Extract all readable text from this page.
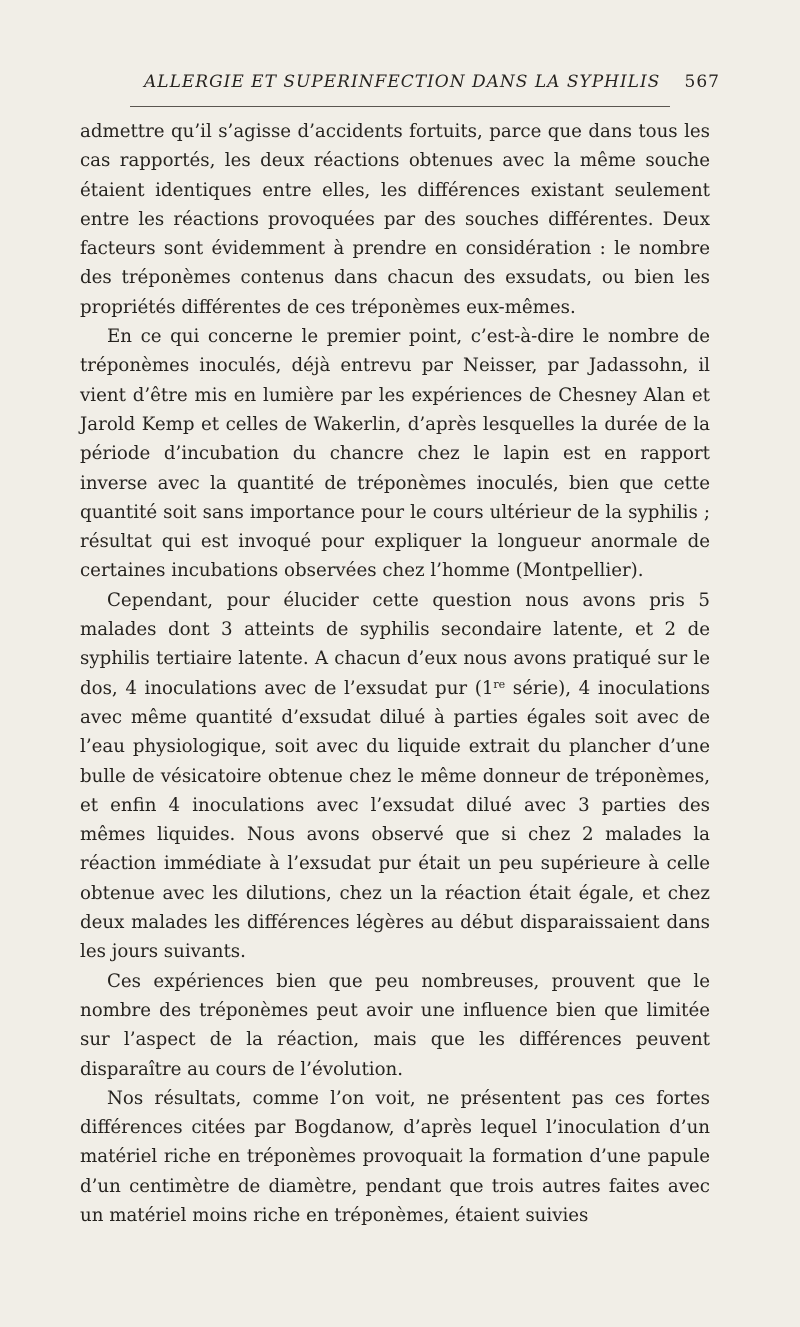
ALLERGIE ET SUPERINFECTION DANS LA SYPHILIS 567

admettre qu’il s’agisse d’accidents fortuits, parce que dans tous les cas rapportés, les deux réactions obtenues avec la même souche étaient identiques entre elles, les différences existant seulement entre les réactions provoquées par des souches différentes. Deux facteurs sont évidemment à prendre en considération : le nombre des tréponèmes contenus dans chacun des exsudats, ou bien les propriétés différentes de ces tréponèmes eux-mêmes.

En ce qui concerne le premier point, c’est-à-dire le nombre de tréponèmes inoculés, déjà entrevu par Neisser, par Jadassohn, il vient d’être mis en lumière par les expériences de Chesney Alan et Jarold Kemp et celles de Wakerlin, d’après lesquelles la durée de la période d’incubation du chancre chez le lapin est en rapport inverse avec la quantité de tréponèmes inoculés, bien que cette quantité soit sans importance pour le cours ultérieur de la syphilis ; résultat qui est invoqué pour expliquer la longueur anormale de certaines incubations observées chez l’homme (Montpellier).

Cependant, pour élucider cette question nous avons pris 5 malades dont 3 atteints de syphilis secondaire latente, et 2 de syphilis tertiaire latente. A chacun d’eux nous avons pratiqué sur le dos, 4 inoculations avec de l’exsudat pur (1re série), 4 inoculations avec même quantité d’exsudat dilué à parties égales soit avec de l’eau physiologique, soit avec du liquide extrait du plancher d’une bulle de vésicatoire obtenue chez le même donneur de tréponèmes, et enfin 4 inoculations avec l’exsudat dilué avec 3 parties des mêmes liquides. Nous avons observé que si chez 2 malades la réaction immédiate à l’exsudat pur était un peu supérieure à celle obtenue avec les dilutions, chez un la réaction était égale, et chez deux malades les différences légères au début disparaissaient dans les jours suivants.

Ces expériences bien que peu nombreuses, prouvent que le nombre des tréponèmes peut avoir une influence bien que limitée sur l’aspect de la réaction, mais que les différences peuvent disparaître au cours de l’évolution.

Nos résultats, comme l’on voit, ne présentent pas ces fortes différences citées par Bogdanow, d’après lequel l’inoculation d’un matériel riche en tréponèmes provoquait la formation d’une papule d’un centimètre de diamètre, pendant que trois autres faites avec un matériel moins riche en tréponèmes, étaient suivies
